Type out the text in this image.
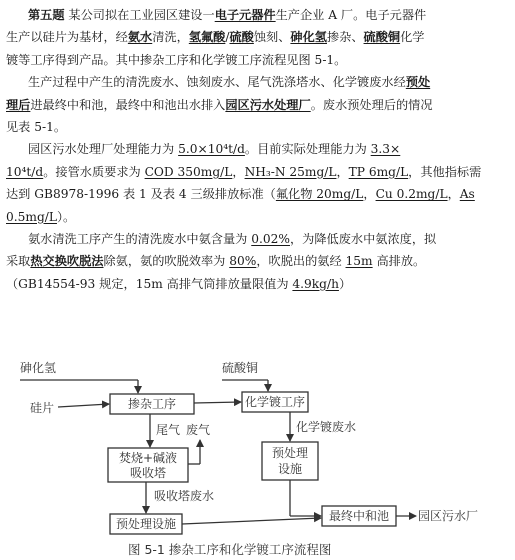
第五题 某公司拟在工业园区建设一电子元器件生产企业 A 厂。电子元器件
生产以硅片为基材，经氨水清洗，氢氟酸/硫酸蚀刻、砷化氢掺杂、硫酸铜化学
镀等工序得到产品。其中掺杂工序和化学镀工序流程见图 5-1。
生产过程中产生的清洗废水、蚀刻废水、尾气洗涤塔水、化学镀废水经预处
理后进最终中和池，最终中和池出水排入园区污水处理厂。废水预处理后的情况
见表 5-1。
园区污水处理厂处理能力为 5.0×10⁴t/d。目前实际处理能力为 3.3×
10⁴t/d。接管水质要求为 COD 350mg/L，NH₃-N 25mg/L，TP 6mg/L，其他指标需
达到 GB8978-1996 表 1 及表 4 三级排放标准（氟化物 20mg/L，Cu 0.2mg/L，As
0.5mg/L）。
氨水清洗工序产生的清洗废水中氨含量为 0.02%，为降低废水中氨浓度，拟
采取热交换吹脱法除氨，氨的吹脱效率为 80%，吹脱出的氨经 15m 高排放。
（GB14554-93 规定，15m 高排气筒排放量限值为 4.9kg/h）
砷化氢	硫酸铜
硅片	掺杂工序	化学镀工序
焚烧+碱液
吸收塔
预处理
设施
预处理设施
最终中和池 园区污水厂
尾气 废气	化学镀废水
吸收塔废水
图 5-1 掺杂工序和化学镀工序流程图
